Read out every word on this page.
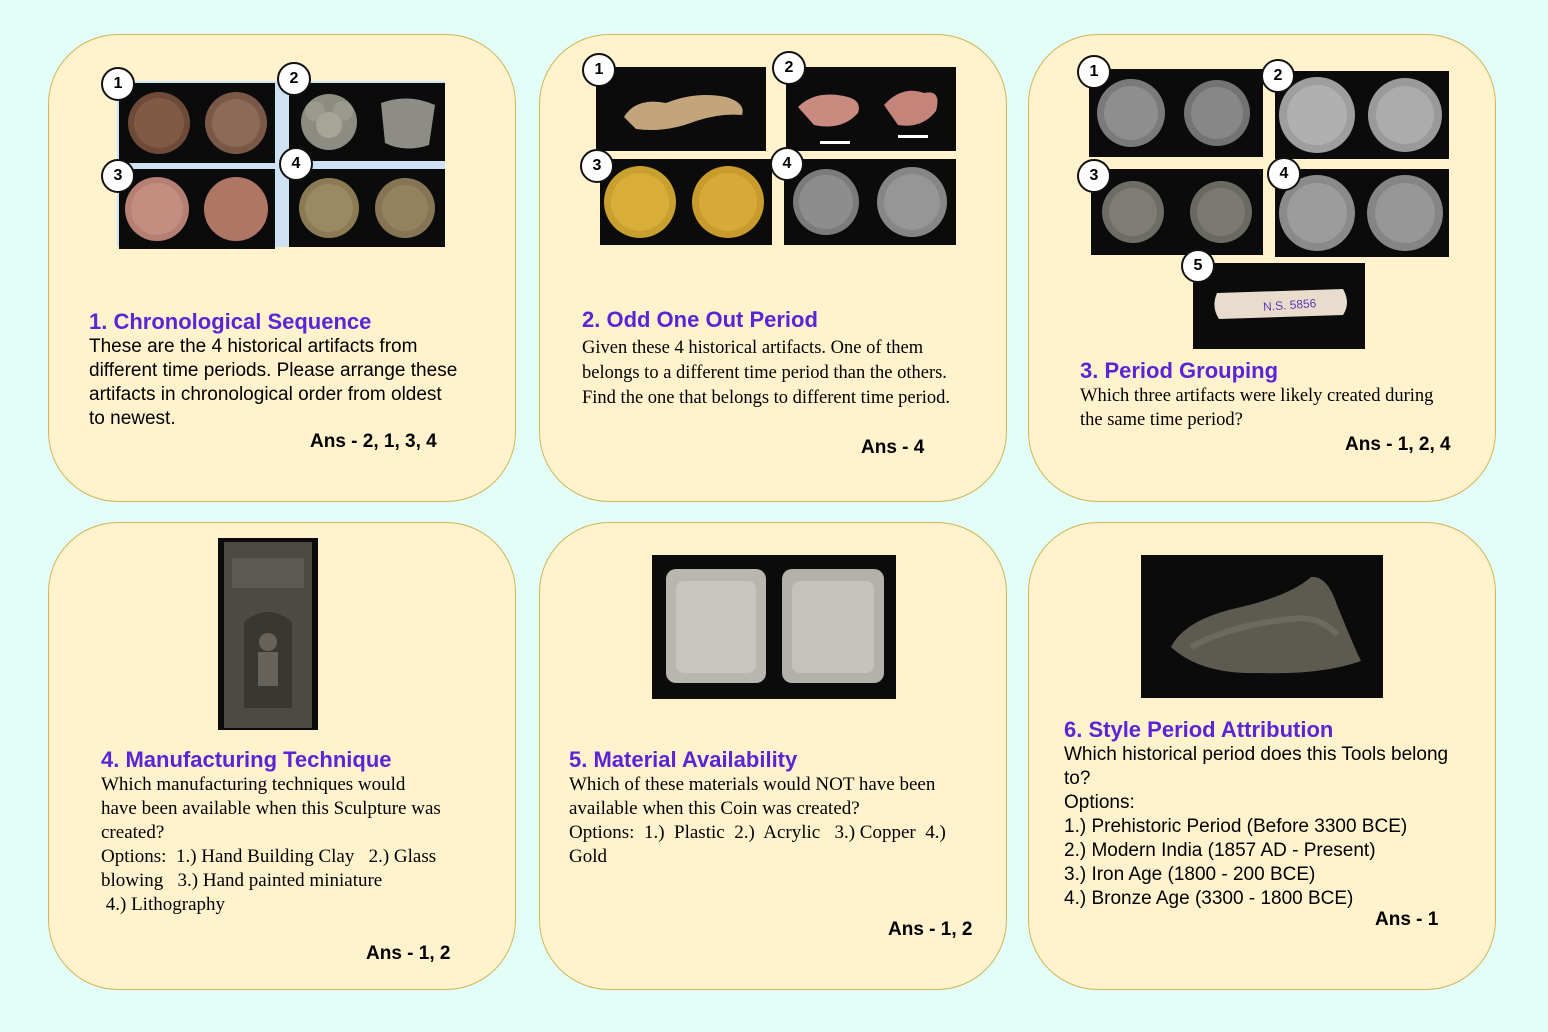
1	2
3
4
1. Chronological Sequence
These are the 4 historical artifacts from
different time periods. Please arrange these
artifacts in chronological order from oldest
to newest.
Ans - 2, 1, 3, 4
1	2
3	4
2. Odd One Out Period
Given these 4 historical artifacts. One of them
belongs to a different time period than the others.
Find the one that belongs to different time period.
Ans - 4
N.S. 5856
1	2
3	4
5
3. Period Grouping
Which three artifacts were likely created during
the same time period?
Ans - 1, 2, 4
4. Manufacturing Technique
Which manufacturing techniques would
have been available when this Sculpture was
created?
Options:  1.) Hand Building Clay   2.) Glass
blowing   3.) Hand painted miniature
4.) Lithography
Ans - 1, 2
5. Material Availability
Which of these materials would NOT have been
available when this Coin was created?
Options:  1.)  Plastic  2.)  Acrylic   3.) Copper  4.)
Gold
Ans - 1, 2
6. Style Period Attribution
Which historical period does this Tools belong
to?
Options:
1.) Prehistoric Period (Before 3300 BCE)
2.) Modern India (1857 AD - Present)
3.) Iron Age (1800 - 200 BCE)
4.) Bronze Age (3300 - 1800 BCE)
Ans - 1
